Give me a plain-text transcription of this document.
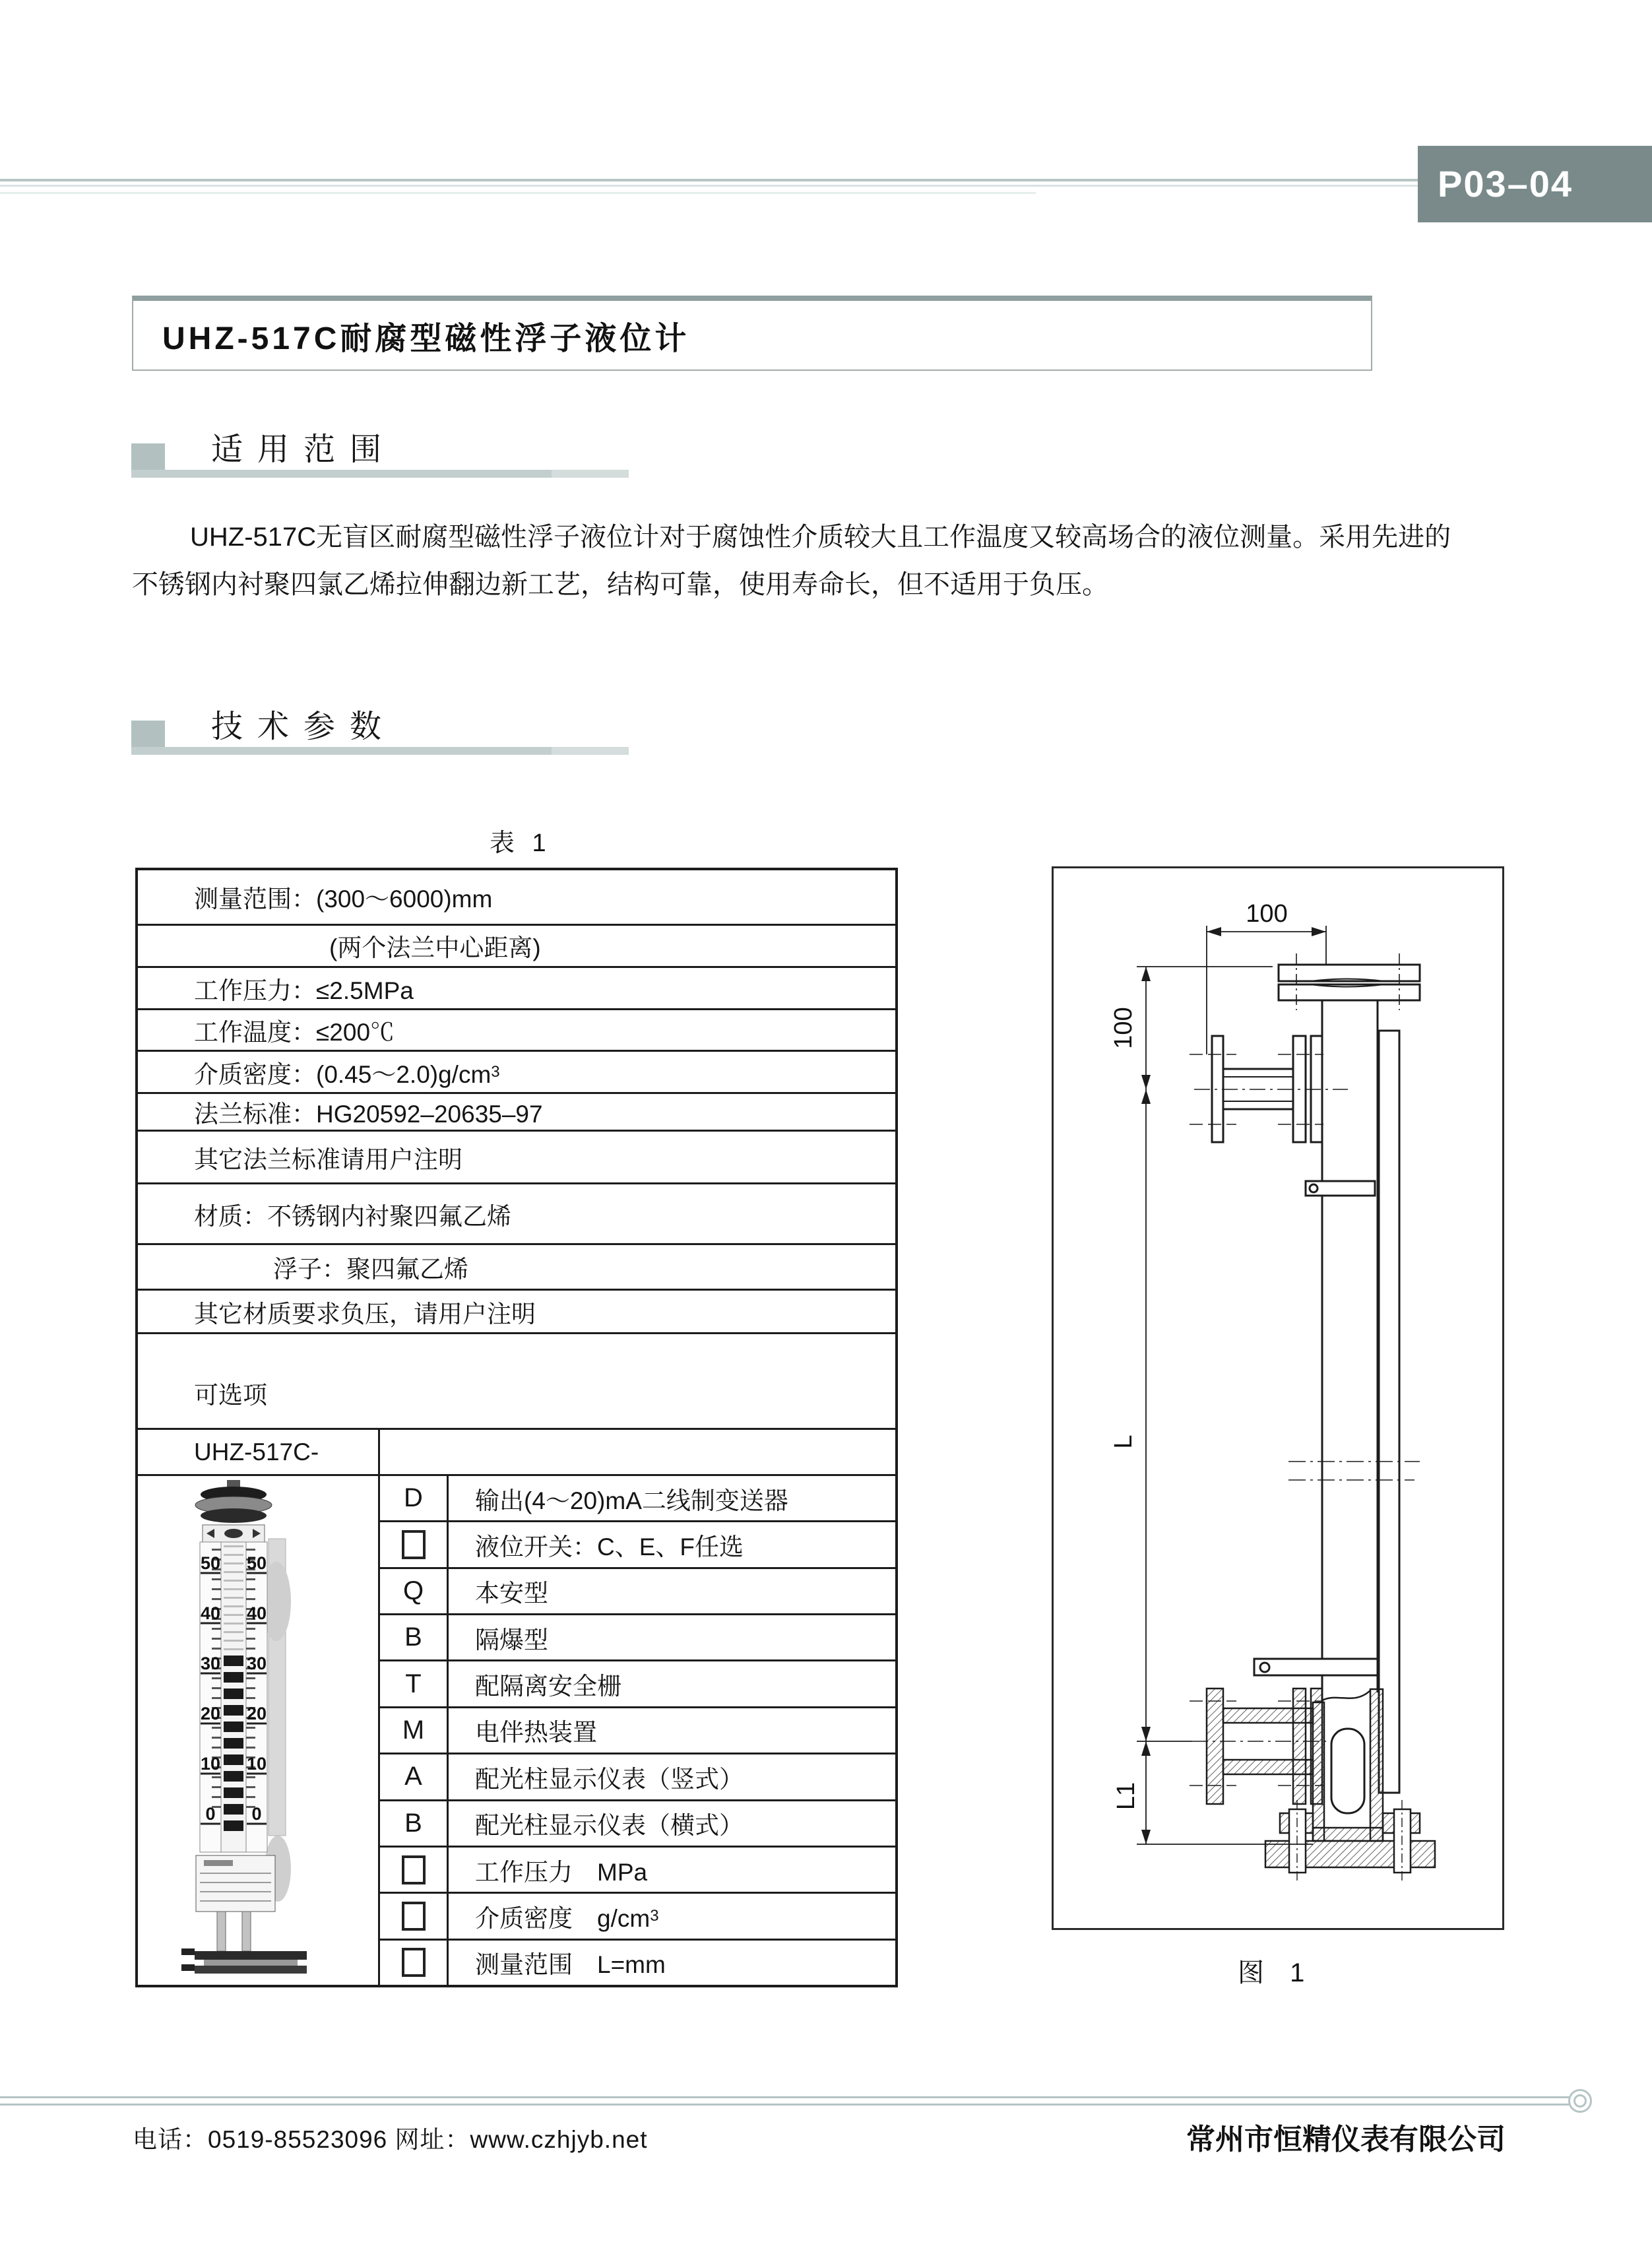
P03–04
UHZ-517C耐腐型磁性浮子液位计
适用范围
UHZ-517C无盲区耐腐型磁性浮子液位计对于腐蚀性介质较大且工作温度又较高场合的液位测量。采用先进的
不锈钢内衬聚四氯乙烯拉伸翻边新工艺，结构可靠，使用寿命长，但不适用于负压。
技术参数
表 1
测量范围：(300～6000)mm
(两个法兰中心距离)
工作压力：≤2.5MPa
工作温度：≤200℃
介质密度：(0.45～2.0)g/cm 3
法兰标准：HG20592–20635–97
其它法兰标准请用户注明
材质：不锈钢内衬聚四氟乙烯
浮子：聚四氟乙烯
其它材质要求负压，请用户注明
可选项
UHZ-517C-
50 50
40 40
30 30
20 20
10 10
0 0
D 输出(4～20)mA二线制变送器
液位开关：C、E、F任选
Q 本安型
B 隔爆型
T 配隔离安全栅
M 电伴热装置
A 配光柱显示仪表（竖式）
B 配光柱显示仪表（横式）
工作压力　MPa
介质密度　g/cm 3
测量范围　L=mm
100
100
L
L1
图 1
电话：0519-85523096 网址：www.czhjyb.net	常州市恒精仪表有限公司
